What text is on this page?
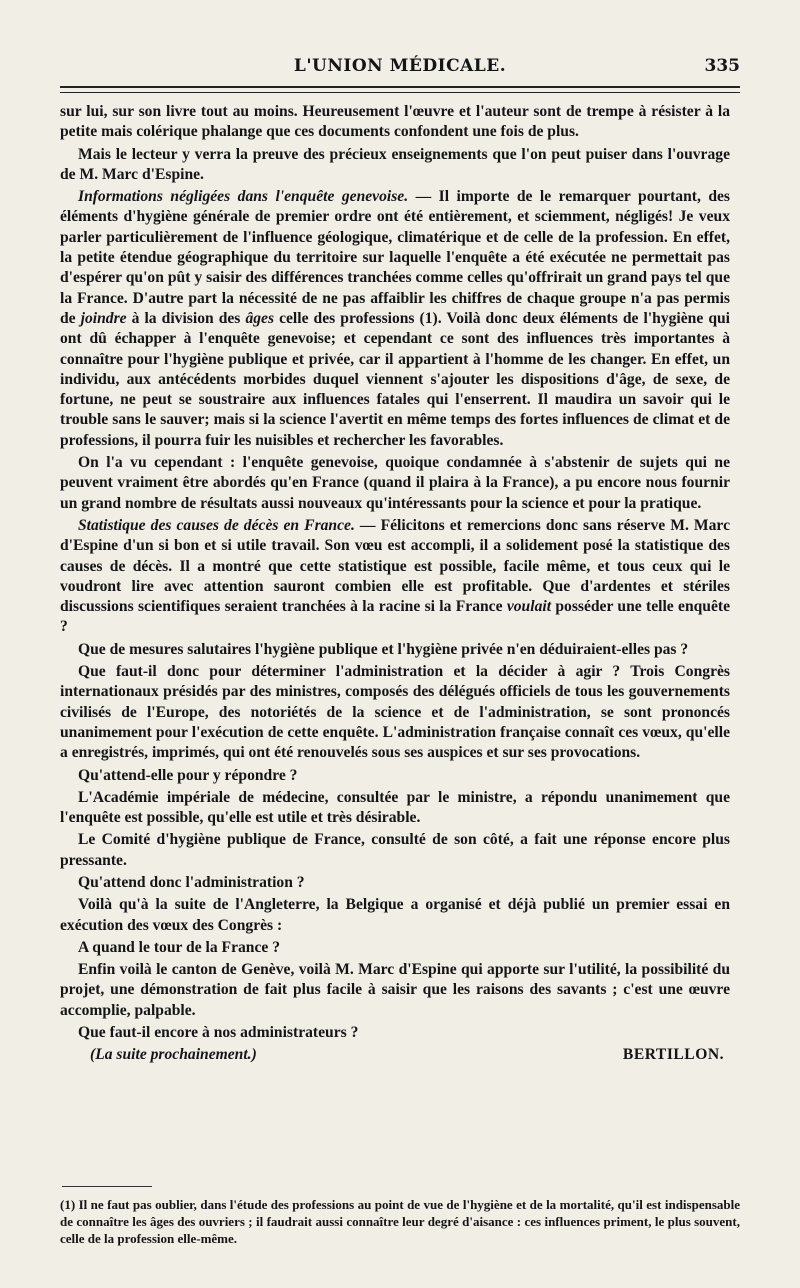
L'UNION MÉDICALE.	335

sur lui, sur son livre tout au moins. Heureusement l'œuvre et l'auteur sont de trempe à résister à la petite mais colérique phalange que ces documents confondent une fois de plus.

Mais le lecteur y verra la preuve des précieux enseignements que l'on peut puiser dans l'ouvrage de M. Marc d'Espine.

Informations négligées dans l'enquête genevoise. — Il importe de le remarquer pourtant, des éléments d'hygiène générale de premier ordre ont été entièrement, et sciemment, négligés! Je veux parler particulièrement de l'influence géologique, climatérique et de celle de la profession. En effet, la petite étendue géographique du territoire sur laquelle l'enquête a été exécutée ne permettait pas d'espérer qu'on pût y saisir des différences tranchées comme celles qu'offrirait un grand pays tel que la France. D'autre part la nécessité de ne pas affaiblir les chiffres de chaque groupe n'a pas permis de joindre à la division des âges celle des professions (1). Voilà donc deux éléments de l'hygiène qui ont dû échapper à l'enquête genevoise; et cependant ce sont des influences très importantes à connaître pour l'hygiène publique et privée, car il appartient à l'homme de les changer. En effet, un individu, aux antécédents morbides duquel viennent s'ajouter les dispositions d'âge, de sexe, de fortune, ne peut se soustraire aux influences fatales qui l'enserrent. Il maudira un savoir qui le trouble sans le sauver; mais si la science l'avertit en même temps des fortes influences de climat et de professions, il pourra fuir les nuisibles et rechercher les favorables.

On l'a vu cependant : l'enquête genevoise, quoique condamnée à s'abstenir de sujets qui ne peuvent vraiment être abordés qu'en France (quand il plaira à la France), a pu encore nous fournir un grand nombre de résultats aussi nouveaux qu'intéressants pour la science et pour la pratique.

Statistique des causes de décès en France. — Félicitons et remercions donc sans réserve M. Marc d'Espine d'un si bon et si utile travail. Son vœu est accompli, il a solidement posé la statistique des causes de décès. Il a montré que cette statistique est possible, facile même, et tous ceux qui le voudront lire avec attention sauront combien elle est profitable. Que d'ardentes et stériles discussions scientifiques seraient tranchées à la racine si la France voulait posséder une telle enquête ?

Que de mesures salutaires l'hygiène publique et l'hygiène privée n'en déduiraient-elles pas ?

Que faut-il donc pour déterminer l'administration et la décider à agir ? Trois Congrès internationaux présidés par des ministres, composés des délégués officiels de tous les gouvernements civilisés de l'Europe, des notoriétés de la science et de l'administration, se sont prononcés unanimement pour l'exécution de cette enquête. L'administration française connaît ces vœux, qu'elle a enregistrés, imprimés, qui ont été renouvelés sous ses auspices et sur ses provocations.

Qu'attend-elle pour y répondre ?

L'Académie impériale de médecine, consultée par le ministre, a répondu unanimement que l'enquête est possible, qu'elle est utile et très désirable.

Le Comité d'hygiène publique de France, consulté de son côté, a fait une réponse encore plus pressante.

Qu'attend donc l'administration ?

Voilà qu'à la suite de l'Angleterre, la Belgique a organisé et déjà publié un premier essai en exécution des vœux des Congrès :

A quand le tour de la France ?

Enfin voilà le canton de Genève, voilà M. Marc d'Espine qui apporte sur l'utilité, la possibilité du projet, une démonstration de fait plus facile à saisir que les raisons des savants ; c'est une œuvre accomplie, palpable.

Que faut-il encore à nos administrateurs ?

(La suite prochainement.)	BERTILLON.

(1) Il ne faut pas oublier, dans l'étude des professions au point de vue de l'hygiène et de la mortalité, qu'il est indispensable de connaître les âges des ouvriers ; il faudrait aussi connaître leur degré d'aisance : ces influences priment, le plus souvent, celle de la profession elle-même.
